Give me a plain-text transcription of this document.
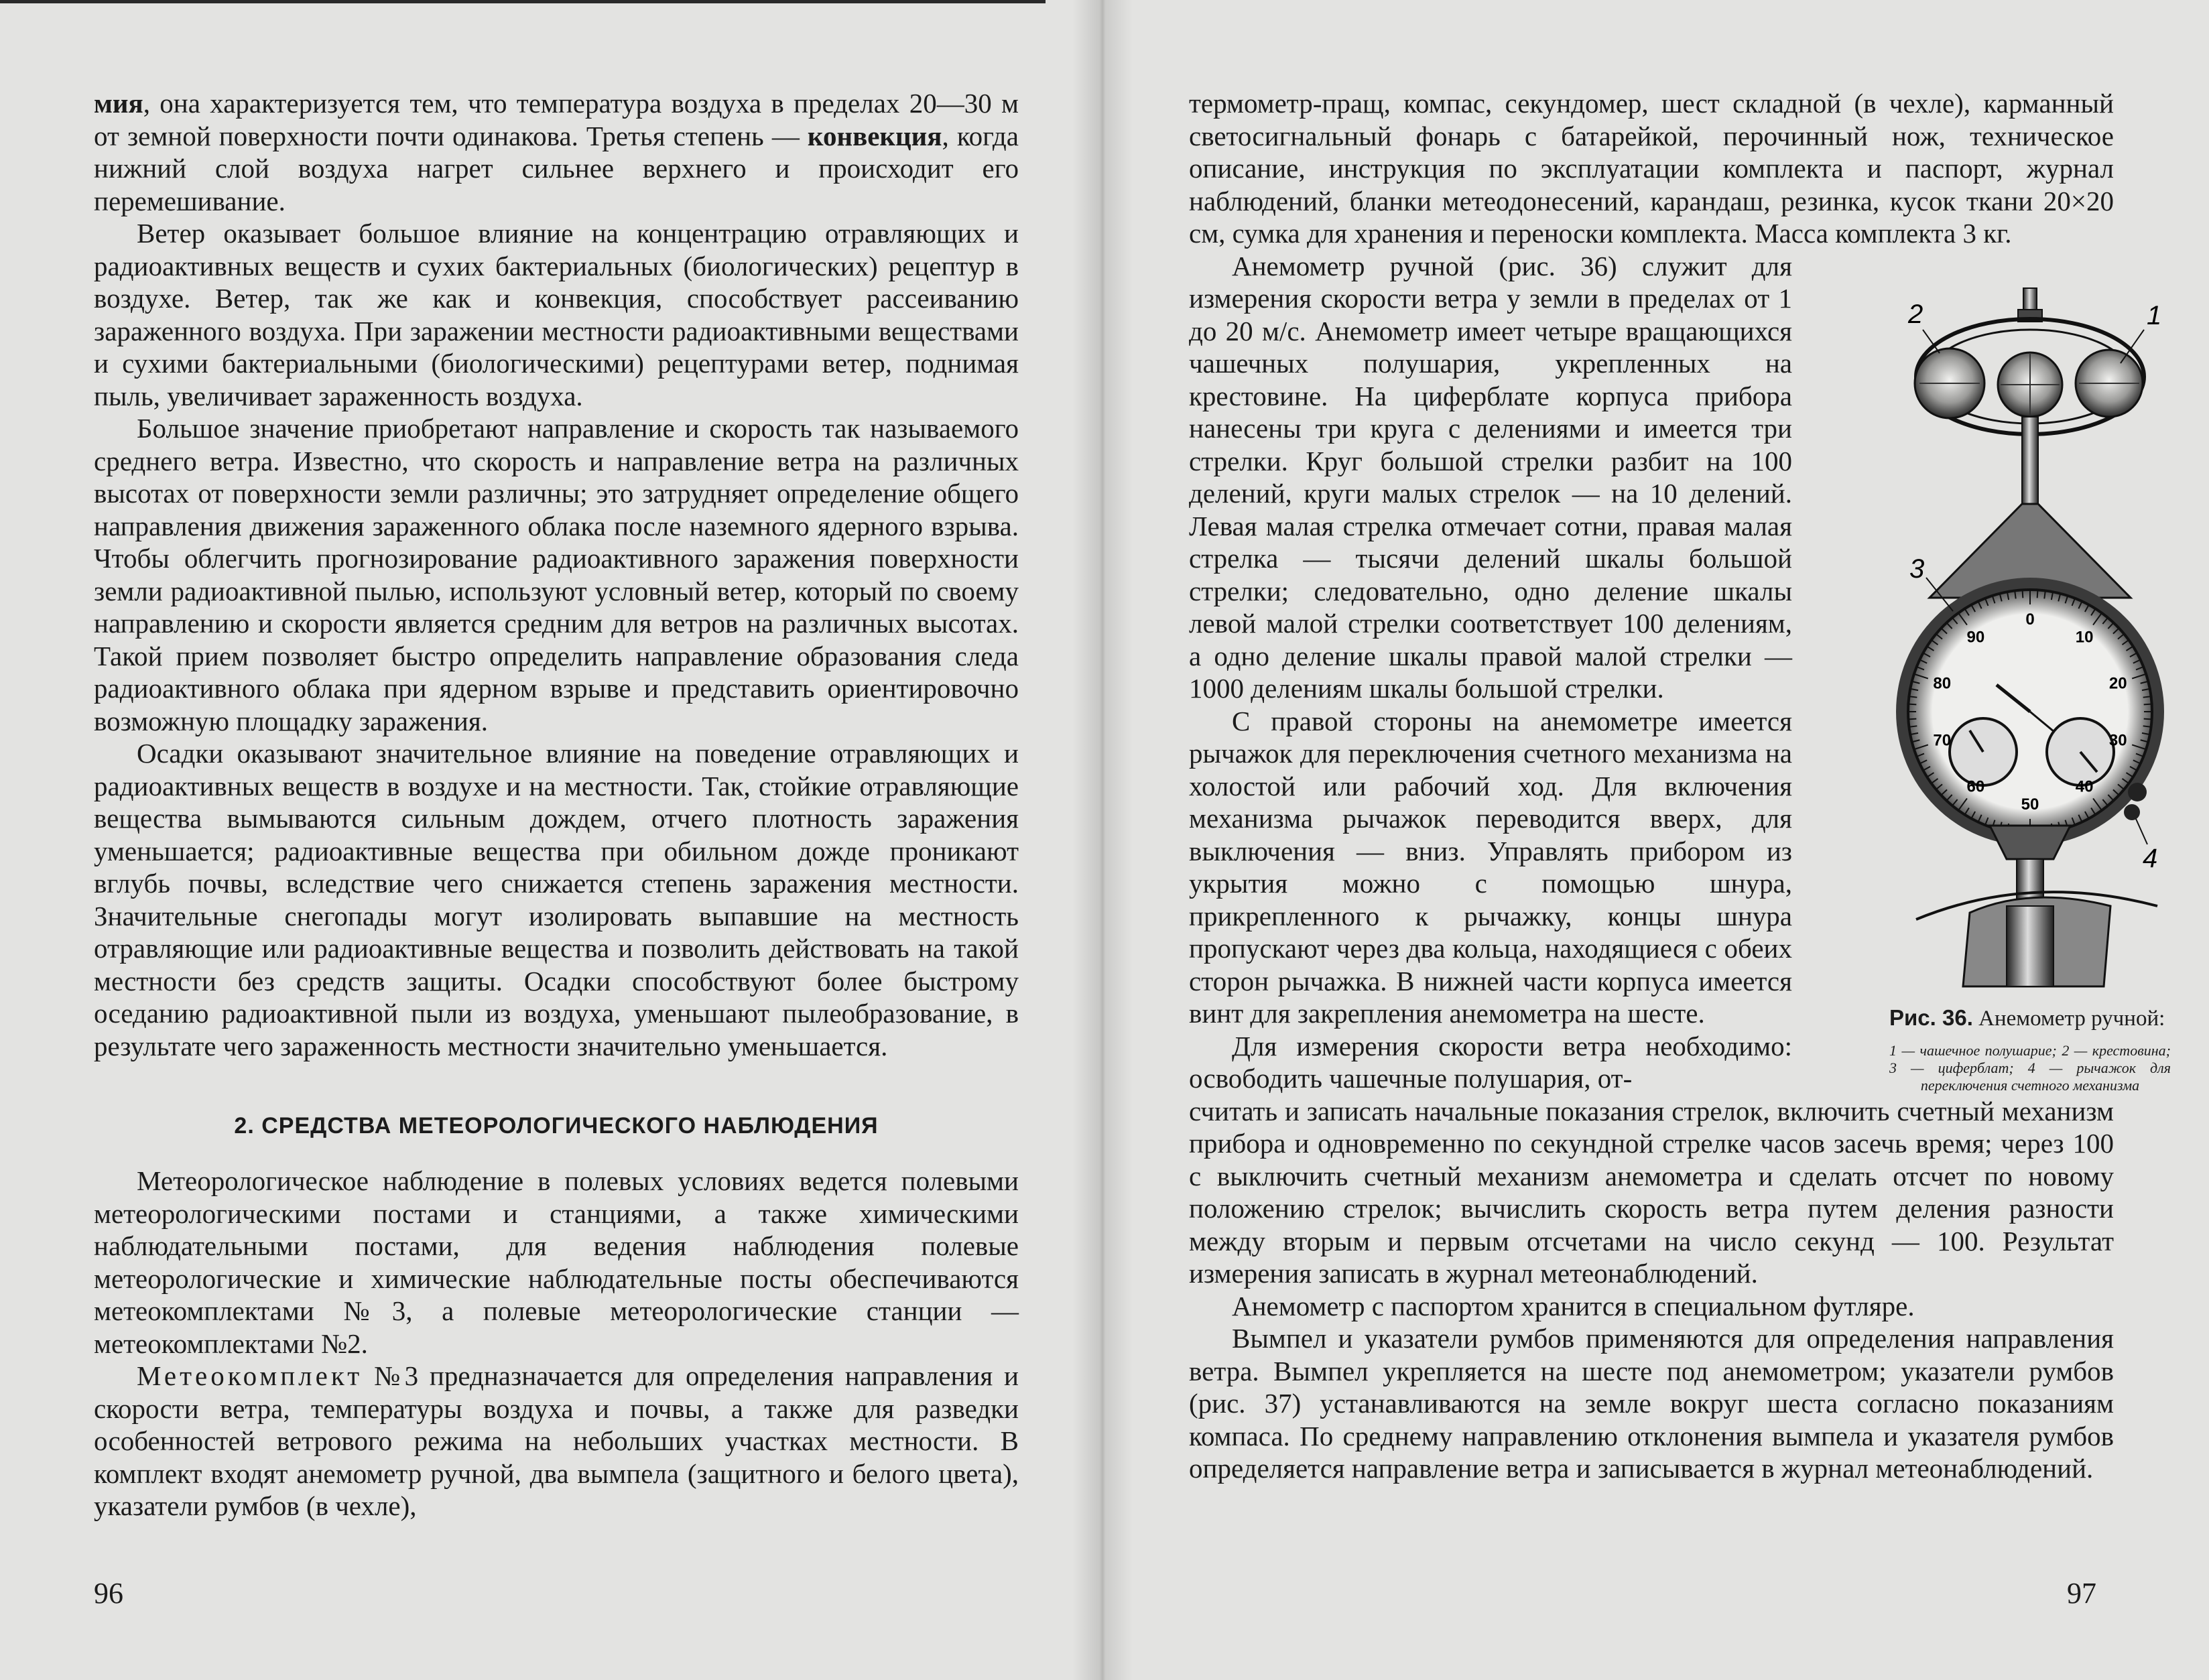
мия, она характеризуется тем, что температура воздуха в пределах 20—30 м от земной поверхности почти одинакова. Третья степень — конвекция, когда нижний слой воздуха нагрет сильнее верхнего и происходит его перемешивание.

Ветер оказывает большое влияние на концентрацию отравляющих и радиоактивных веществ и сухих бактериальных (биологических) рецептур в воздухе. Ветер, так же как и конвекция, способствует рассеиванию зараженного воздуха. При заражении местности радиоактивными веществами и сухими бактериальными (биологическими) рецептурами ветер, поднимая пыль, увеличивает зараженность воздуха.

Большое значение приобретают направление и скорость так называемого среднего ветра. Известно, что скорость и направление ветра на различных высотах от поверхности земли различны; это затрудняет определение общего направления движения зараженного облака после наземного ядерного взрыва. Чтобы облегчить прогнозирование радиоактивного заражения поверхности земли радиоактивной пылью, используют условный ветер, который по своему направлению и скорости является средним для ветров на различных высотах. Такой прием позволяет быстро определить направление образования следа радиоактивного облака при ядерном взрыве и представить ориентировочно возможную площадку заражения.

Осадки оказывают значительное влияние на поведение отравляющих и радиоактивных веществ в воздухе и на местности. Так, стойкие отравляющие вещества вымываются сильным дождем, отчего плотность заражения уменьшается; радиоактивные вещества при обильном дожде проникают вглубь почвы, вследствие чего снижается степень заражения местности. Значительные снегопады могут изолировать выпавшие на местность отравляющие или радиоактивные вещества и позволить действовать на такой местности без средств защиты. Осадки способствуют более быстрому оседанию радиоактивной пыли из воздуха, уменьшают пылеобразование, в результате чего зараженность местности значительно уменьшается.

2. СРЕДСТВА МЕТЕОРОЛОГИЧЕСКОГО НАБЛЮДЕНИЯ

Метеорологическое наблюдение в полевых условиях ведется полевыми метеорологическими постами и станциями, а также химическими наблюдательными постами, для ведения наблюдения полевые метеорологические и химические наблюдательные посты обеспечиваются метеокомплектами №3, а полевые метеорологические станции — метеокомплектами №2.

Метеокомплект №3 предназначается для определения направления и скорости ветра, температуры воздуха и почвы, а также для разведки особенностей ветрового режима на небольших участках местности. В комплект входят анемометр ручной, два вымпела (защитного и белого цвета), указатели румбов (в чехле),

96

термометр-пращ, компас, секундомер, шест складной (в чехле), карманный светосигнальный фонарь с батарейкой, перочинный нож, техническое описание, инструкция по эксплуатации комплекта и паспорт, журнал наблюдений, бланки метеодонесений, карандаш, резинка, кусок ткани 20×20 см, сумка для хранения и переноски комплекта. Масса комплекта 3 кг.

Анемометр ручной (рис. 36) служит для измерения скорости ветра у земли в пределах от 1 до 20 м/с. Анемометр имеет четыре вращающихся чашечных полушария, укрепленных на крестовине. На циферблате корпуса прибора нанесены три круга с делениями и имеется три стрелки. Круг большой стрелки разбит на 100 делений, круги малых стрелок — на 10 делений. Левая малая стрелка отмечает сотни, правая малая стрелка — тысячи делений шкалы большой стрелки; следовательно, одно деление шкалы левой малой стрелки соответствует 100 делениям, а одно деление шкалы правой малой стрелки — 1000 делениям шкалы большой стрелки.

С правой стороны на анемометре имеется рычажок для переключения счетного механизма на холостой или рабочий ход. Для включения механизма рычажок переводится вверх, для выключения — вниз. Управлять прибором из укрытия можно с помощью шнура, прикрепленного к рычажку, концы шнура пропускают через два кольца, находящиеся с обеих сторон рычажка. В нижней части корпуса имеется винт для закрепления анемометра на шесте.

Для измерения скорости ветра необходимо: освободить чашечные полушария, от-

считать и записать начальные показания стрелок, включить счетный механизм прибора и одновременно по секундной стрелке часов засечь время; через 100 с выключить счетный механизм анемометра и сделать отсчет по новому положению стрелок; вычислить скорость ветра путем деления разности между вторым и первым отсчетами на число секунд — 100. Результат измерения записать в журнал метеонаблюдений.

Анемометр с паспортом хранится в специальном футляре.

Вымпел и указатели румбов применяются для определения направления ветра. Вымпел укрепляется на шесте под анемометром; указатели румбов (рис. 37) устанавливаются на земле вокруг шеста согласно показаниям компаса. По среднему направлению отклонения вымпела и указателя румбов определяется направление ветра и записывается в журнал метеонаблюдений.

2	1
3
4
0
10
20
30
40
50
60
70
80
90
Рис. 36. Анемометр ручной:
1 — чашечное полушарие; 2 — крестовина; 3 — циферблат; 4 — рычажок для переключения счетного механизма
97
